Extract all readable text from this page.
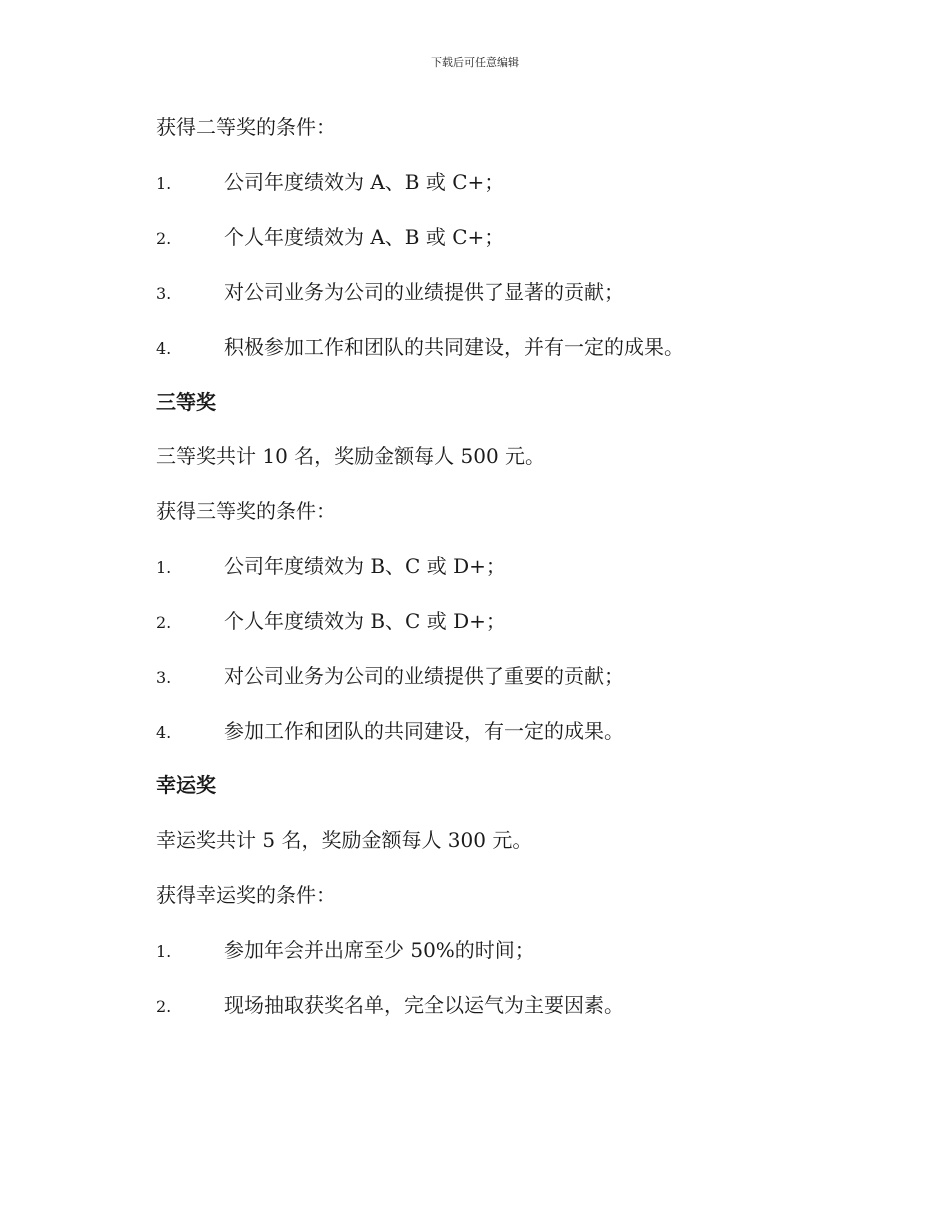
下载后可任意编辑
获得二等奖的条件：
1.	公司年度绩效为 A、B 或 C+；
2.	个人年度绩效为 A、B 或 C+；
3.	对公司业务为公司的业绩提供了显著的贡献；
4.	积极参加工作和团队的共同建设，并有一定的成果。
三等奖
三等奖共计 10 名，奖励金额每人 500 元。
获得三等奖的条件：
1.	公司年度绩效为 B、C 或 D+；
2.	个人年度绩效为 B、C 或 D+；
3.	对公司业务为公司的业绩提供了重要的贡献；
4.	参加工作和团队的共同建设，有一定的成果。
幸运奖
幸运奖共计 5 名，奖励金额每人 300 元。
获得幸运奖的条件：
1.	参加年会并出席至少 50%的时间；
2.	现场抽取获奖名单，完全以运气为主要因素。
